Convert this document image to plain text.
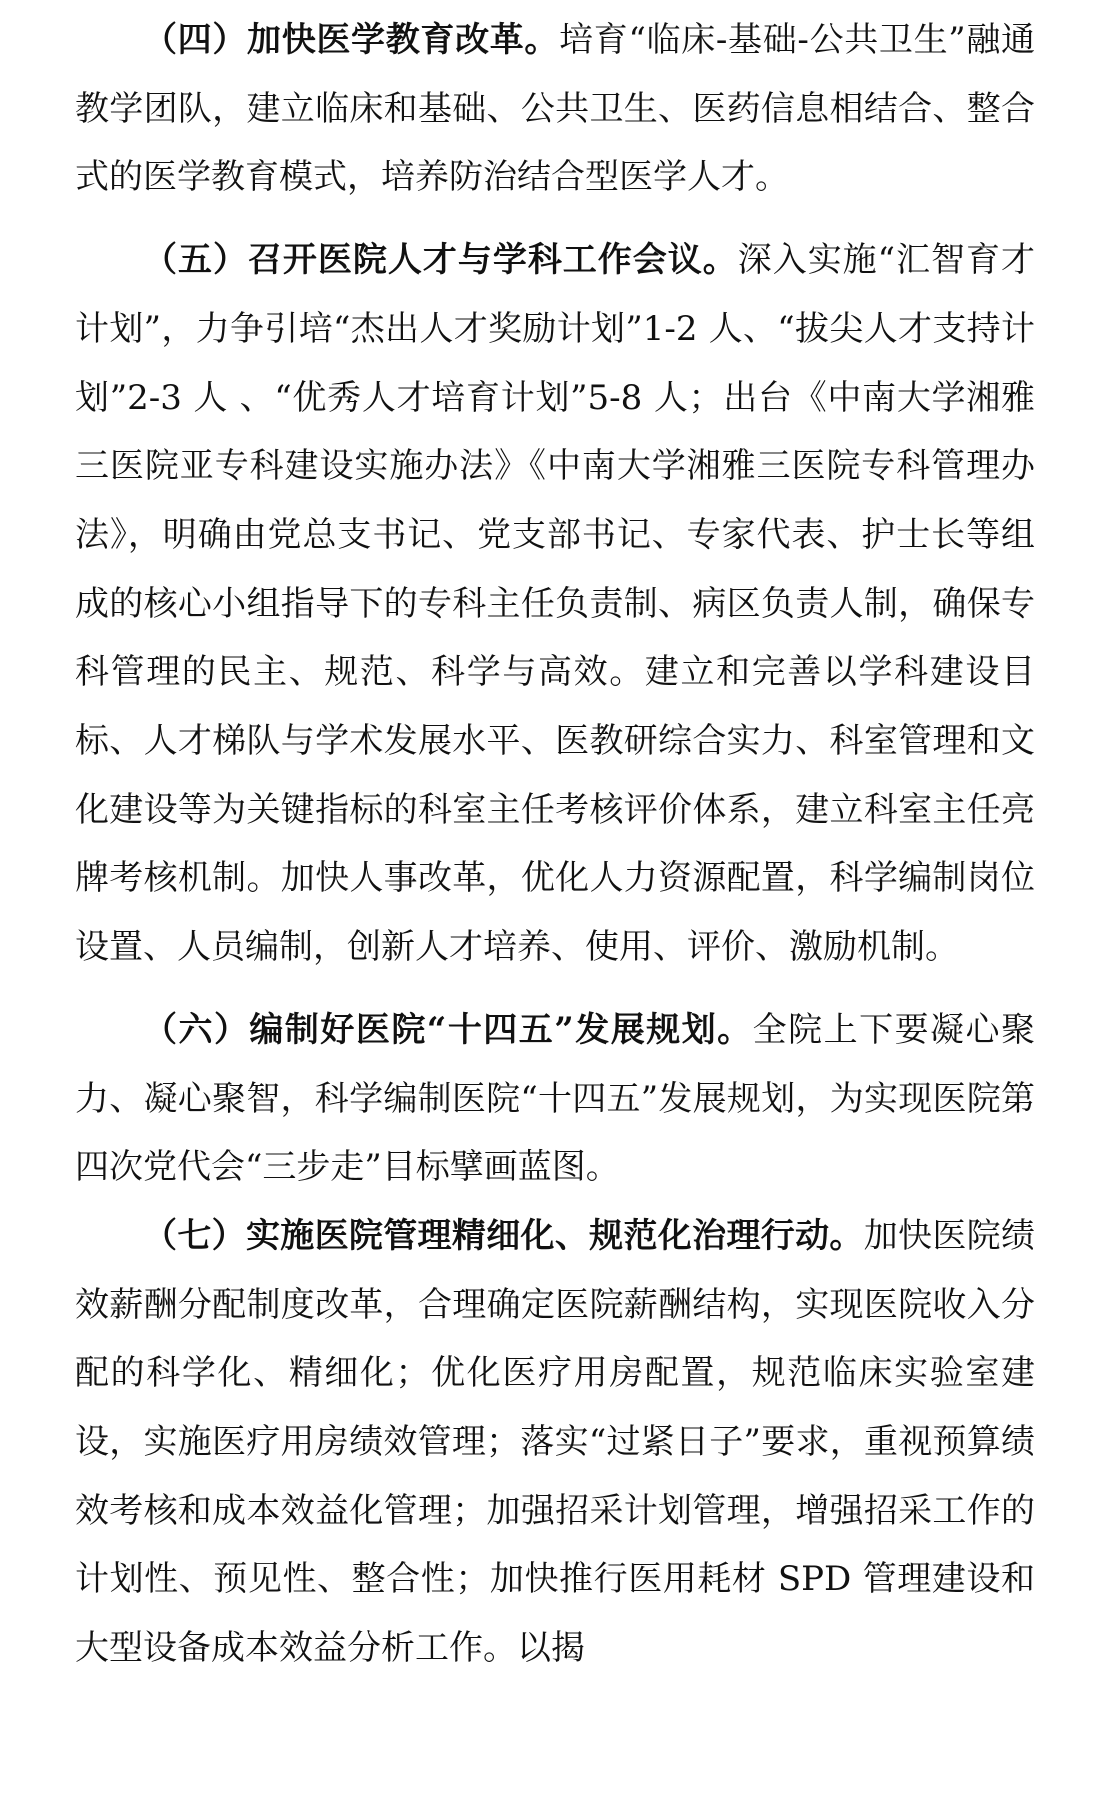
（四）加快医学教育改革。培育“临床-基础-公共卫生”融通教学团队，建立临床和基础、公共卫生、医药信息相结合、整合式的医学教育模式，培养防治结合型医学人才。

（五）召开医院人才与学科工作会议。深入实施“汇智育才计划”，力争引培“杰出人才奖励计划”1-2 人、“拔尖人才支持计划”2-3 人 、“优秀人才培育计划”5-8 人；出台《中南大学湘雅三医院亚专科建设实施办法》《中南大学湘雅三医院专科管理办法》，明确由党总支书记、党支部书记、专家代表、护士长等组成的核心小组指导下的专科主任负责制、病区负责人制，确保专科管理的民主、规范、科学与高效。建立和完善以学科建设目标、人才梯队与学术发展水平、医教研综合实力、科室管理和文化建设等为关键指标的科室主任考核评价体系，建立科室主任亮牌考核机制。加快人事改革，优化人力资源配置，科学编制岗位设置、人员编制，创新人才培养、使用、评价、激励机制。

（六）编制好医院“十四五”发展规划。全院上下要凝心聚力、凝心聚智，科学编制医院“十四五”发展规划，为实现医院第四次党代会“三步走”目标擘画蓝图。

（七）实施医院管理精细化、规范化治理行动。加快医院绩效薪酬分配制度改革，合理确定医院薪酬结构，实现医院收入分配的科学化、精细化；优化医疗用房配置，规范临床实验室建设，实施医疗用房绩效管理；落实“过紧日子”要求，重视预算绩效考核和成本效益化管理；加强招采计划管理，增强招采工作的计划性、预见性、整合性；加快推行医用耗材 SPD 管理建设和大型设备成本效益分析工作。以揭
